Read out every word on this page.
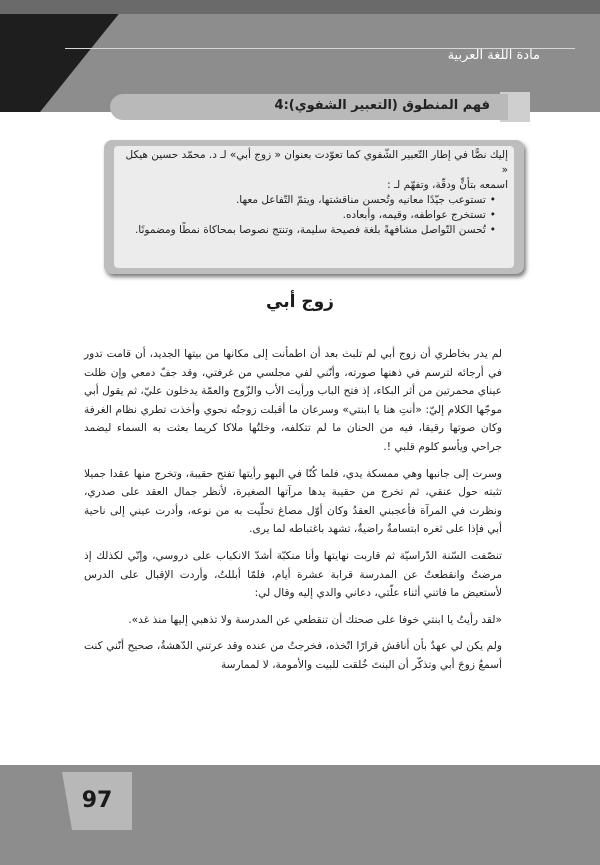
مادة اللغة العربية
فهم المنطوق (التعبير الشفوي):4

إليك نصًّا في إطار التّعبير الشّفوي كما تعوّدت بعنوان « زوج أبي» لـ د. محمّد حسين هيكل «

اسمعه بتأنٍّ ودقّة، وتفهّم لـ :

• تستوعب جيّدًا معانيه وتُحسن مناقشتها، ويتمّ التّفاعل معها.
• تستخرج عواطفه، وقيمه، وأبعاده.
• تُحسن التّواصل مشافهةً بلغة فصيحة سليمة، وتنتج نصوصا بمحاكاة نمطًا ومضمونًا.
زوج أبي

لم يدر بخاطري أن زوج أبي لم تلبث بعد أن اطمأنت إلى مكانها من بيتها الجديد، أن قامت تدور في أرجائه لترسم في ذهنها صورته، وأنّني لفي مجلسي من غرفتي، وقد جفّ دمعي وإن ظلت عيناي محمرتين من أثر البكاء، إذ فتح الباب ورأيت الأب والزّوج والعمّة يدخلون عليّ، ثم يقول أبي موجّها الكلام إليّ: «أنتِ هنا يا ابنتي» وسرعان ما أقبلت زوجتُه نحوي وأخذت تطري نظام الغرفة وكان صوتها رقيقا، فيه من الحنان ما لم تتكلفه، وخلتُها ملاكا كريما بعثت به السماء ليضمد جراحي ويأسو كلوم قلبي !.

وسرت إلى جانبها وهي ممسكة يدي، فلما كُنّا في البهو رأيتها تفتح حقيبة، وتخرج منها عقدا جميلا تثبته حول عنقي، ثم تخرج من حقيبة يدها مرآتها الصغيرة، لأنظر جمال العقد على صدري، ونظرت في المرآة فأعجبني العقدُ وكان أوّل مصاغ تحلّيت به من نوعه، وأدرت عيني إلى ناحية أبي فإذا على ثغره ابتسامةٌ راضيةٌ، تشهد باغتباطه لما يرى.

تنصّفت السّنة الدّراسيّة ثم قاربت نهايتها وأنا منكبّة أشدّ الانكباب على دروسي، وإنّي لكذلك إذ مرضتُ وانقطعتُ عن المدرسة قرابة عشرة أيام، فلمّا أبللتُ، وأردت الإقبال على الدرس لأستعيض ما فاتني أثناء علّتي، دعاني والدي إليه وقال لي:

«لقد رأيتُ يا ابنتي خوفا على صحتك أن تنقطعي عن المدرسة ولا تذهبي إليها منذ غد».

ولم يكن لي عهدٌ بأن أناقش قرارًا اتّخذه، فخرجتُ من عنده وقد عرتني الدّهشةُ، صحيح أنّني كنت أسمعُ زوجَ أبي وتذكّر أن البنتَ خُلقت للبيت والأمومة، لا لممارسة

97
